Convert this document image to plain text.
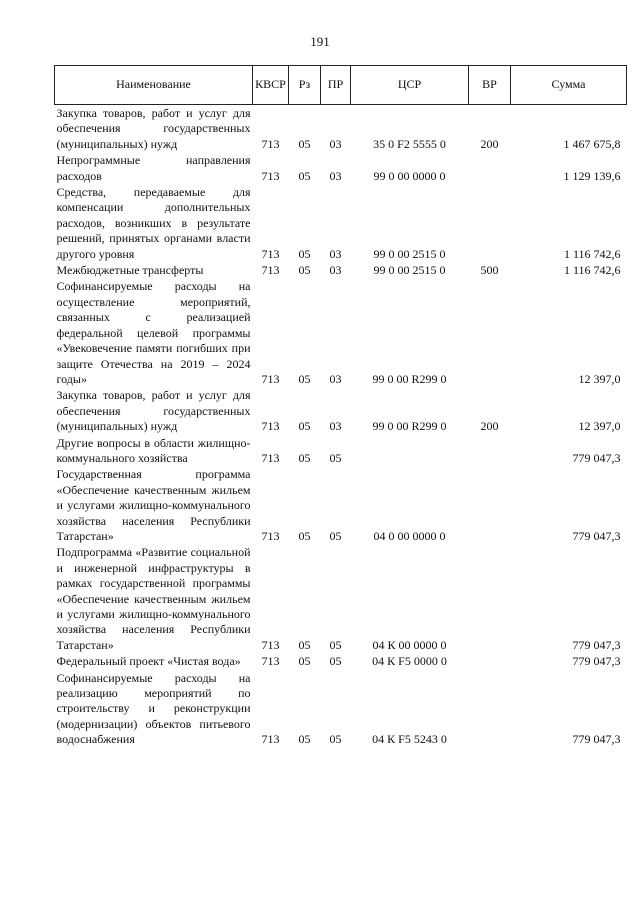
191
Наименование	КВСР	Рз	ПР	ЦСР	ВР	Сумма
Закупка товаров, работ и услуг для обеспечения государственных (муниципальных) нужд	713	05	03	35 0 F2 5555 0	200	1 467 675,8
Непрограммные направления расходов	713	05	03	99 0 00 0000 0		1 129 139,6
Средства, передаваемые для компенсации дополнительных расходов, возникших в результате решений, принятых органами власти другого уровня	713	05	03	99 0 00 2515 0		1 116 742,6
Межбюджетные трансферты	713	05	03	99 0 00 2515 0	500	1 116 742,6
Софинансируемые расходы на осуществление мероприятий, связанных с реализацией федеральной целевой программы «Увековечение памяти погибших при защите Отечества на 2019 – 2024 годы»	713	05	03	99 0 00 R299 0		12 397,0
Закупка товаров, работ и услуг для обеспечения государственных (муниципальных) нужд	713	05	03	99 0 00 R299 0	200	12 397,0
Другие вопросы в области жилищно-коммунального хозяйства	713	05	05			779 047,3
Государственная программа «Обеспечение качественным жильем и услугами жилищно-коммунального хозяйства населения Республики Татарстан»	713	05	05	04 0 00 0000 0		779 047,3
Подпрограмма «Развитие социальной и инженерной инфраструктуры в рамках государственной программы «Обеспечение качественным жильем и услугами жилищно-коммунального хозяйства населения Республики Татарстан»	713	05	05	04 К 00 0000 0		779 047,3
Федеральный проект «Чистая вода»	713	05	05	04 К F5 0000 0		779 047,3
Софинансируемые расходы на реализацию мероприятий по строительству и реконструкции (модернизации) объектов питьевого водоснабжения	713	05	05	04 К F5 5243 0		779 047,3
